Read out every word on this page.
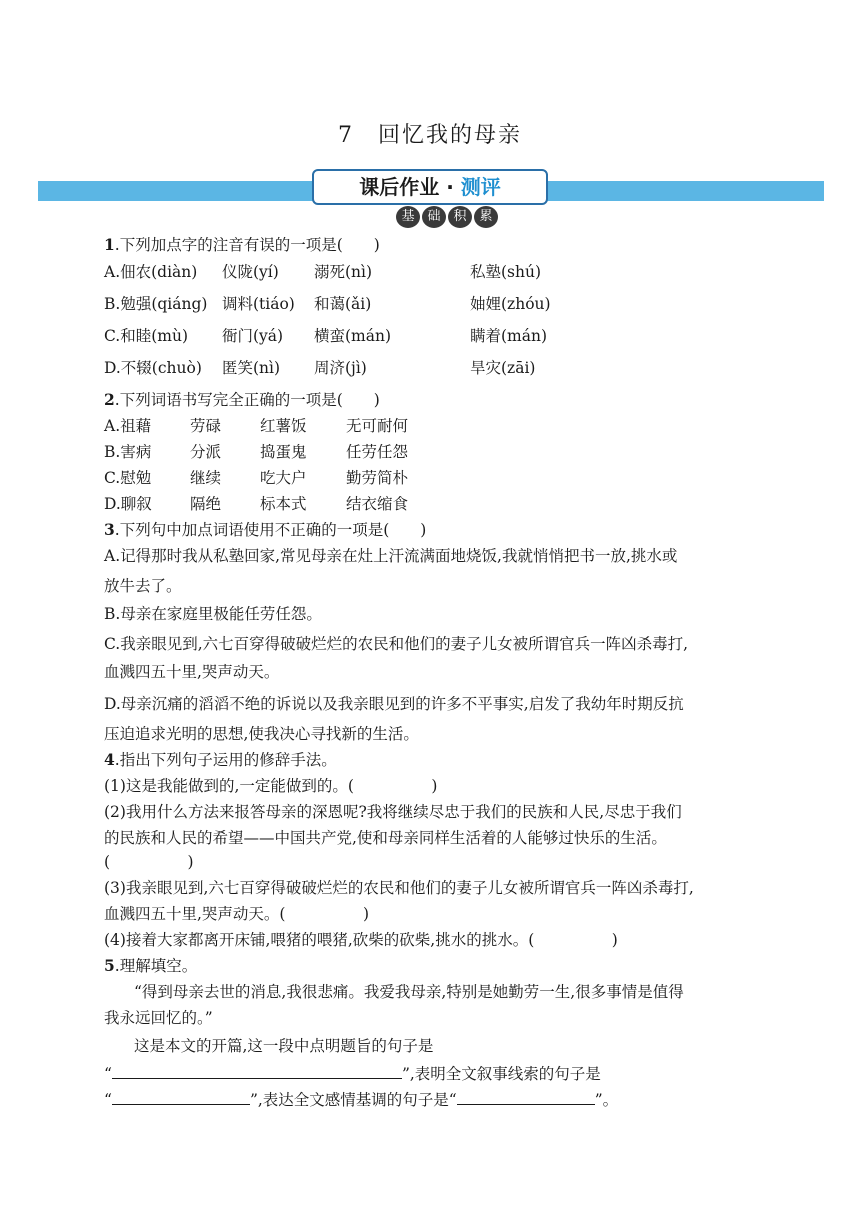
7　回忆我的母亲
课后作业 · 测评
基 础 积 累
1.下列加点字的注音有误的一项是(　　)
A.佃农(diàn) 仪陇(yí) 溺死(nì)	私塾(shú)
B.勉强(qiáng) 调料(tiáo) 和蔼(ǎi)	妯娌(zhóu)
C.和睦(mù) 衙门(yá) 横蛮(mán)	瞒着(mán)
D.不辍(chuò) 匿笑(nì) 周济(jì)	旱灾(zāi)
2.下列词语书写完全正确的一项是(　　)
A.祖藉	劳碌	红薯饭	无可耐何
B.害病 分派	捣蛋鬼	任劳任怨
C.慰勉	继续	吃大户	勤劳简朴
D.聊叙 隔绝	标本式	结衣缩食
3.下列句中加点词语使用不正确的一项是(　　)
A.记得那时我从私塾回家,常见母亲在灶上汗流满面地烧饭,我就悄悄把书一放,挑水或
放牛去了。
B.母亲在家庭里极能任劳任怨。
C.我亲眼见到,六七百穿得破破烂烂的农民和他们的妻子儿女被所谓官兵一阵凶杀毒打,
血溅四五十里,哭声动天。
D.母亲沉痛的滔滔不绝的诉说以及我亲眼见到的许多不平事实,启发了我幼年时期反抗
压迫追求光明的思想,使我决心寻找新的生活。
4.指出下列句子运用的修辞手法。
(1)这是我能做到的,一定能做到的。(　　　　　)
(2)我用什么方法来报答母亲的深恩呢?我将继续尽忠于我们的民族和人民,尽忠于我们
的民族和人民的希望——中国共产党,使和母亲同样生活着的人能够过快乐的生活。
(　　　　　)
(3)我亲眼见到,六七百穿得破破烂烂的农民和他们的妻子儿女被所谓官兵一阵凶杀毒打,
血溅四五十里,哭声动天。(　　　　　)
(4)接着大家都离开床铺,喂猪的喂猪,砍柴的砍柴,挑水的挑水。(　　　　　)
5.理解填空。
“得到母亲去世的消息,我很悲痛。我爱我母亲,特别是她勤劳一生,很多事情是值得
我永远回忆的。”
这是本文的开篇,这一段中点明题旨的句子是
“	”,表明全文叙事线索的句子是
“	”,表达全文感情基调的句子是“	”。
